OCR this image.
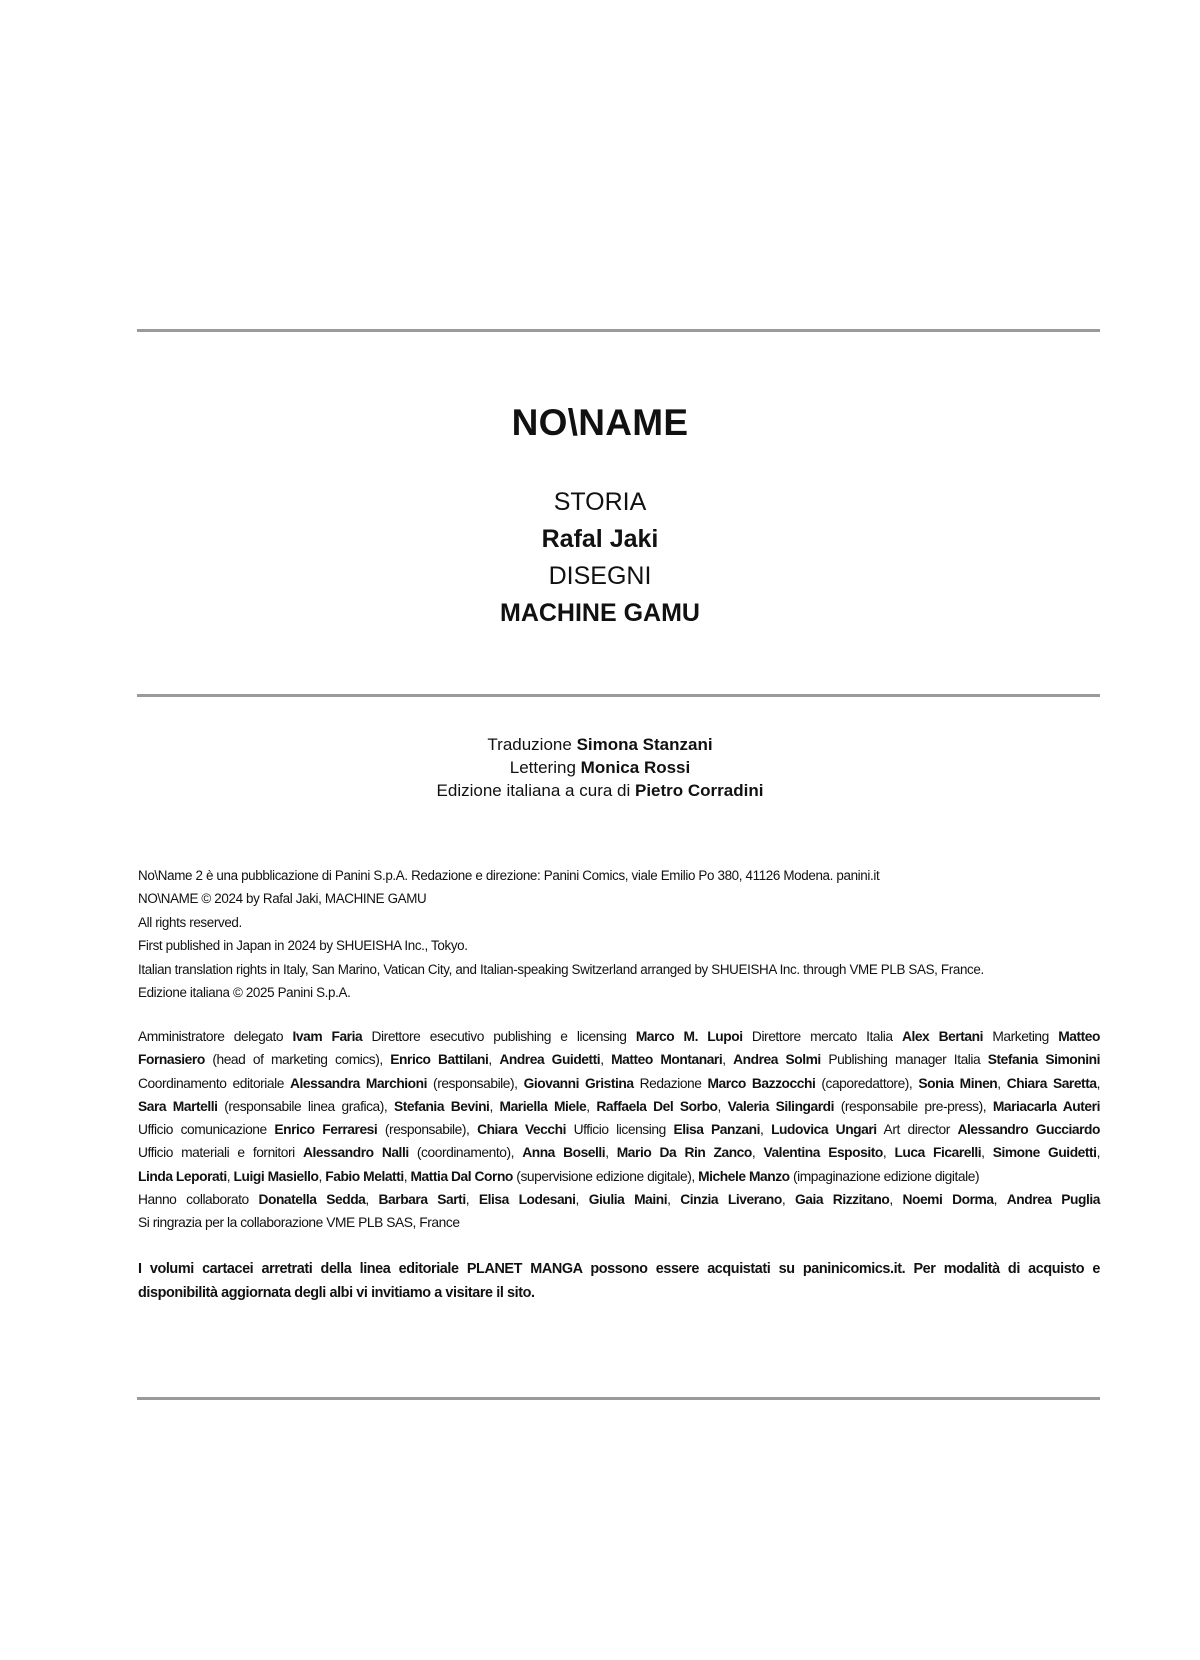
NO\NAME
STORIA
Rafal Jaki
DISEGNI
MACHINE GAMU
Traduzione Simona Stanzani
Lettering Monica Rossi
Edizione italiana a cura di Pietro Corradini
No\Name 2 è una pubblicazione di Panini S.p.A. Redazione e direzione: Panini Comics, viale Emilio Po 380, 41126 Modena. panini.it
NO\NAME © 2024 by Rafal Jaki, MACHINE GAMU
All rights reserved.
First published in Japan in 2024 by SHUEISHA Inc., Tokyo.
Italian translation rights in Italy, San Marino, Vatican City, and Italian-speaking Switzerland arranged by SHUEISHA Inc. through VME PLB SAS, France.
Edizione italiana © 2025 Panini S.p.A.
Amministratore delegato Ivam Faria Direttore esecutivo publishing e licensing Marco M. Lupoi Direttore mercato Italia Alex Bertani Marketing Matteo
Fornasiero (head of marketing comics), Enrico Battilani, Andrea Guidetti, Matteo Montanari, Andrea Solmi Publishing manager Italia Stefania Simonini
Coordinamento editoriale Alessandra Marchioni (responsabile), Giovanni Gristina Redazione Marco Bazzocchi (caporedattore), Sonia Minen, Chiara Saretta,
Sara Martelli (responsabile linea grafica), Stefania Bevini, Mariella Miele, Raffaela Del Sorbo, Valeria Silingardi (responsabile pre-press), Mariacarla Auteri
Ufficio comunicazione Enrico Ferraresi (responsabile), Chiara Vecchi Ufficio licensing Elisa Panzani, Ludovica Ungari Art director Alessandro Gucciardo
Ufficio materiali e fornitori Alessandro Nalli (coordinamento), Anna Boselli, Mario Da Rin Zanco, Valentina Esposito, Luca Ficarelli, Simone Guidetti,
Linda Leporati, Luigi Masiello, Fabio Melatti, Mattia Dal Corno (supervisione edizione digitale), Michele Manzo (impaginazione edizione digitale)
Hanno collaborato Donatella Sedda, Barbara Sarti, Elisa Lodesani, Giulia Maini, Cinzia Liverano, Gaia Rizzitano, Noemi Dorma, Andrea Puglia
Si ringrazia per la collaborazione VME PLB SAS, France
I volumi cartacei arretrati della linea editoriale PLANET MANGA possono essere acquistati su paninicomics.it. Per modalità di acquisto e
disponibilità aggiornata degli albi vi invitiamo a visitare il sito.
